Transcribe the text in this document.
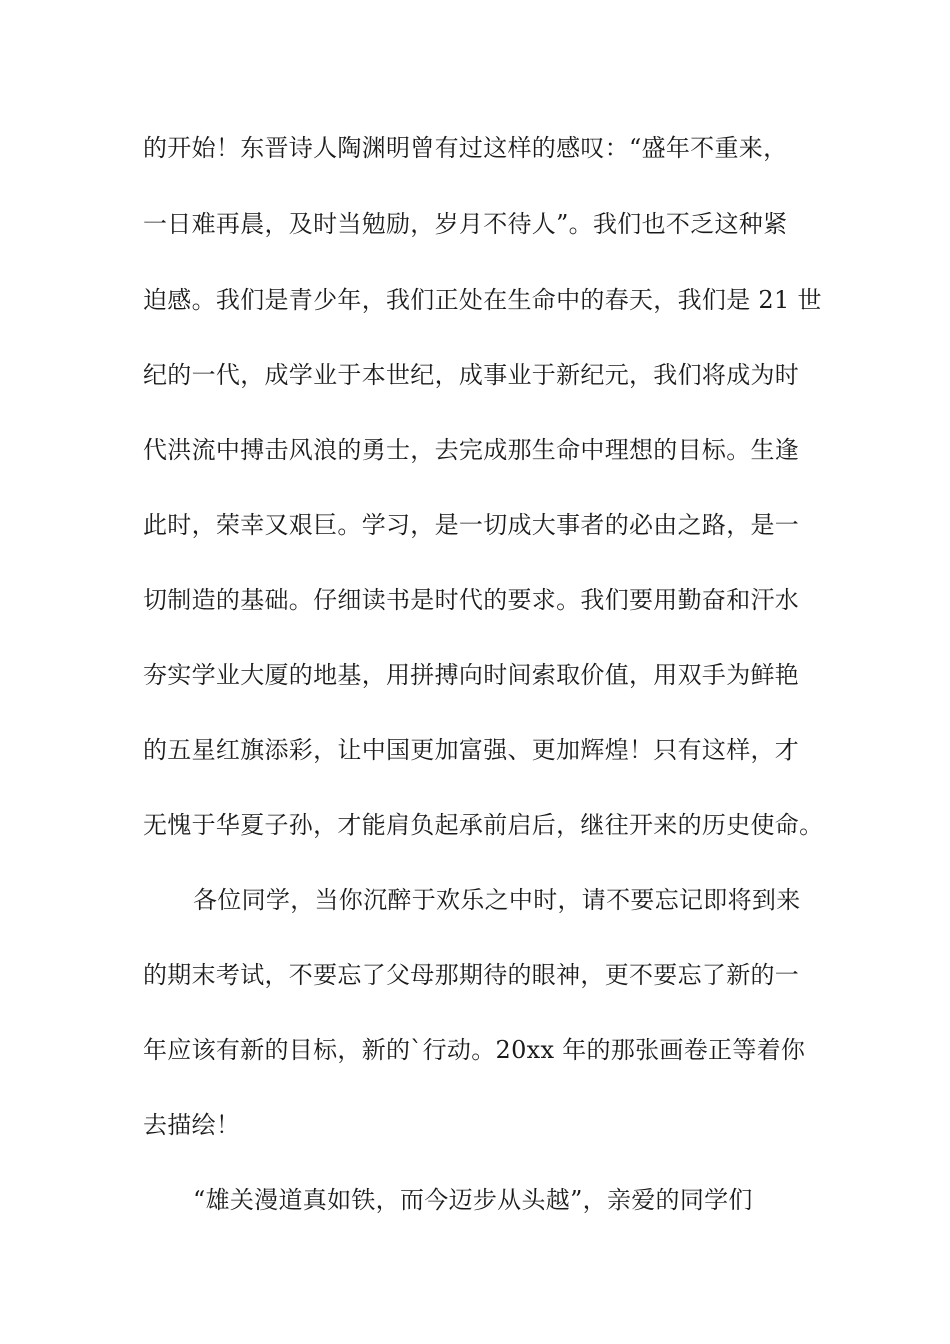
的开始！东晋诗人陶渊明曾有过这样的感叹：“盛年不重来，
一日难再晨，及时当勉励，岁月不待人”。我们也不乏这种紧
迫感。我们是青少年，我们正处在生命中的春天，我们是 21 世
纪的一代，成学业于本世纪，成事业于新纪元，我们将成为时
代洪流中搏击风浪的勇士，去完成那生命中理想的目标。生逢
此时，荣幸又艰巨。学习，是一切成大事者的必由之路，是一
切制造的基础。仔细读书是时代的要求。我们要用勤奋和汗水
夯实学业大厦的地基，用拼搏向时间索取价值，用双手为鲜艳
的五星红旗添彩，让中国更加富强、更加辉煌！只有这样，才
无愧于华夏子孙，才能肩负起承前启后，继往开来的历史使命。
各位同学，当你沉醉于欢乐之中时，请不要忘记即将到来
的期末考试，不要忘了父母那期待的眼神，更不要忘了新的一
年应该有新的目标，新的`行动。20xx 年的那张画卷正等着你
去描绘！
“雄关漫道真如铁，而今迈步从头越”，亲爱的同学们
